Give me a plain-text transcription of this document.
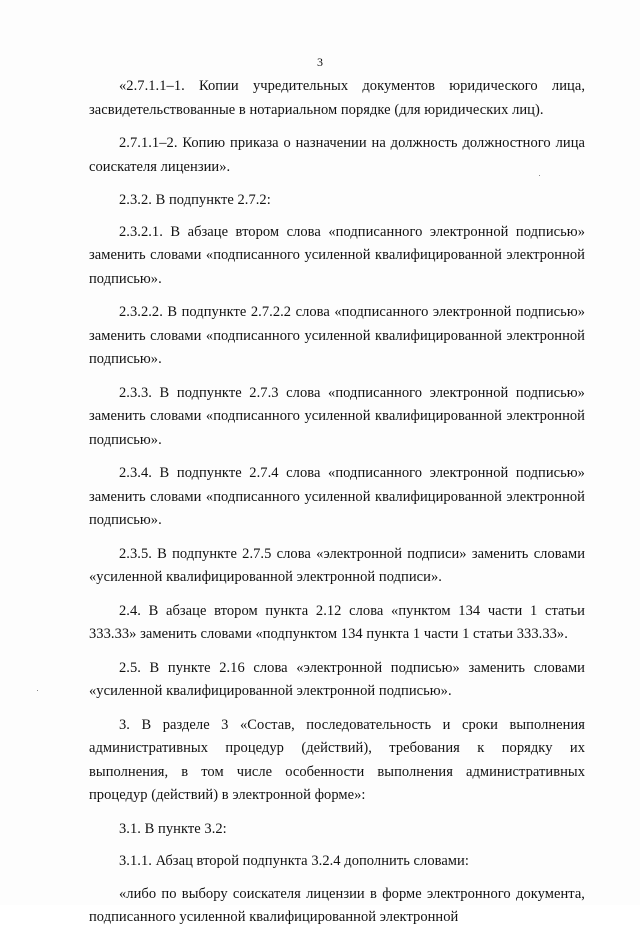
3

«2.7.1.1–1. Копии учредительных документов юридического лица, засвидетельствованные в нотариальном порядке (для юридических лиц).

2.7.1.1–2. Копию приказа о назначении на должность должностного лица соискателя лицензии».

2.3.2. В подпункте 2.7.2:

2.3.2.1. В абзаце втором слова «подписанного электронной подписью» заменить словами «подписанного усиленной квалифицированной электронной подписью».

2.3.2.2. В подпункте 2.7.2.2 слова «подписанного электронной подписью» заменить словами «подписанного усиленной квалифицированной электронной подписью».

2.3.3. В подпункте 2.7.3 слова «подписанного электронной подписью» заменить словами «подписанного усиленной квалифицированной электронной подписью».

2.3.4. В подпункте 2.7.4 слова «подписанного электронной подписью» заменить словами «подписанного усиленной квалифицированной электронной подписью».

2.3.5. В подпункте 2.7.5 слова «электронной подписи» заменить словами «усиленной квалифицированной электронной подписи».

2.4. В абзаце втором пункта 2.12 слова «пунктом 134 части 1 статьи 333.33» заменить словами «подпунктом 134 пункта 1 части 1 статьи 333.33».

2.5. В пункте 2.16 слова «электронной подписью» заменить словами «усиленной квалифицированной электронной подписью».

3. В разделе 3 «Состав, последовательность и сроки выполнения административных процедур (действий), требования к порядку их выполнения, в том числе особенности выполнения административных процедур (действий) в электронной форме»:

3.1. В пункте 3.2:

3.1.1. Абзац второй подпункта 3.2.4 дополнить словами:

«либо по выбору соискателя лицензии в форме электронного документа, подписанного усиленной квалифицированной электронной
